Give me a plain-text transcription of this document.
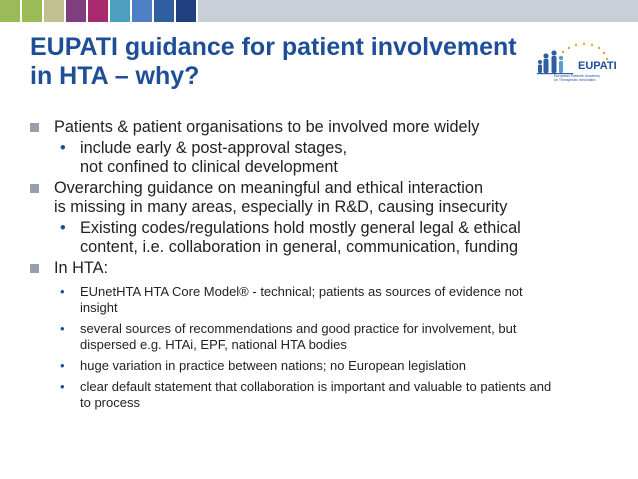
EUPATI guidance for patient involvement
in HTA – why?	EUPATI
European Patients' Academy
on Therapeutic Innovation
Patients & patient organisations to be involved more widely
• include early & post-approval stages,
not confined to clinical development
Overarching guidance on meaningful and ethical interaction
is missing in many areas, especially in R&D, causing insecurity
• Existing codes/regulations hold mostly general legal & ethical
content, i.e. collaboration in general, communication, funding
In HTA:
• EUnetHTA HTA Core Model® - technical; patients as sources of evidence not
insight
• several sources of recommendations and good practice for involvement, but
dispersed e.g. HTAi, EPF, national HTA bodies
• huge variation in practice between nations; no European legislation
• clear default statement that collaboration is important and valuable to patients and
to process
